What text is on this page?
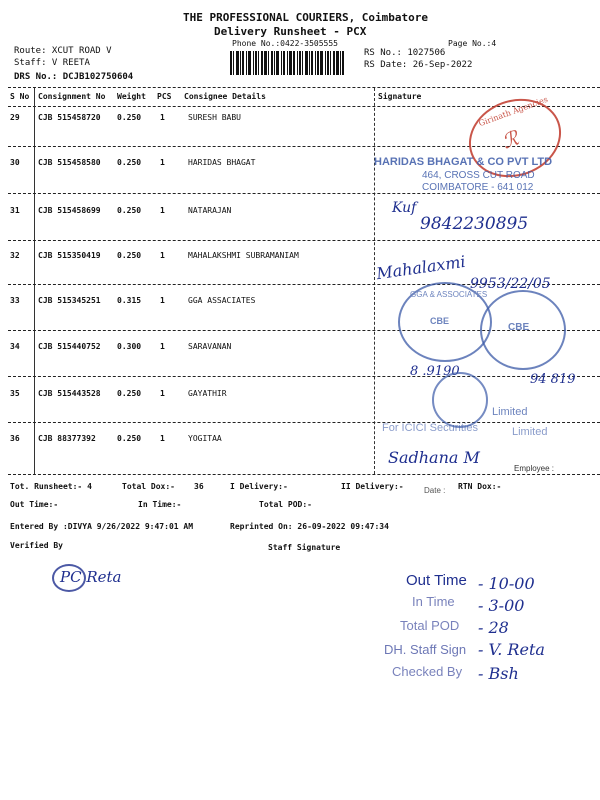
THE PROFESSIONAL COURIERS, Coimbatore
Delivery Runsheet - PCX
Phone No.:0422-3505555	Page No.:4
Route: XCUT ROAD V
Staff: V REETA
DRS No.: DCJB102750604
RS No.: 1027506
RS Date: 26-Sep-2022
S No Consignment No Weight PCS Consignee Details	Signature
29 CJB 515458720 0.250 1	SURESH BABU
30 CJB 515458580 0.250 1	HARIDAS BHAGAT
31 CJB 515458699 0.250 1	NATARAJAN
32 CJB 515350419 0.250 1	MAHALAKSHMI SUBRAMANIAM
33 CJB 515345251 0.315 1	GGA ASSACIATES
34 CJB 515440752 0.300 1	SARAVANAN
35 CJB 515443528 0.250 1	GAYATHIR
36 CJB 88377392	0.250 1	YOGITAA
Girinath Agencies
ℛ
HARIDAS BHAGAT & CO PVT LTD
464, CROSS CUT ROAD
COIMBATORE - 641 012
Kuf
9842230895
Mahalaxmi
9953/22/05
GGA & ASSOCIATES
CBE
CBE
8 .9190
94 819
Limited
For ICICI Securities	Limited
Sadhana M
Employee :
Date :
Tot. Runsheet:- 4	Total Dox:- 36	I Delivery:-	II Delivery:-	RTN Dox:-
Out Time:-	In Time:-	Total POD:-
Entered By :DIVYA 9/26/2022 9:47:01 AM	Reprinted On: 26-09-2022 09:47:34
Verified By	Staff Signature
PC Reta	Out Time - 10-00
In Time - 3-00
Total POD - 28
DH. Staff Sign - V. Reta
Checked By - Bsh
